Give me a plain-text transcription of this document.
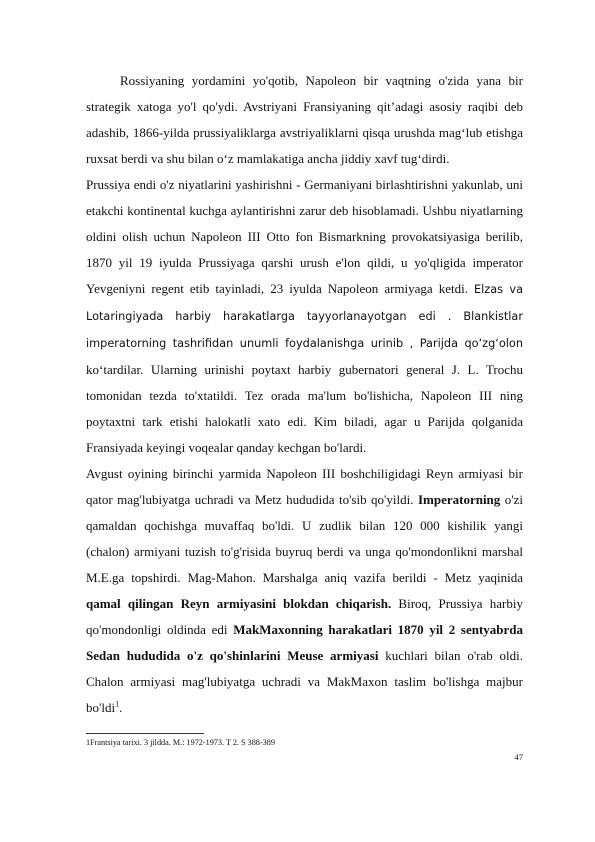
Rossiyaning yordamini yo'qotib, Napoleon bir vaqtning o'zida yana bir strategik xatoga yo'l qo'ydi. Avstriyani Fransiyaning qit’adagi asosiy raqibi deb adashib, 1866-yilda prussiyaliklarga avstriyaliklarni qisqa urushda mag‘lub etishga ruxsat berdi va shu bilan o‘z mamlakatiga ancha jiddiy xavf tug‘dirdi.

Prussiya endi o'z niyatlarini yashirishni - Germaniyani birlashtirishni yakunlab, uni etakchi kontinental kuchga aylantirishni zarur deb hisoblamadi. Ushbu niyatlarning oldini olish uchun Napoleon III Otto fon Bismarkning provokatsiyasiga berilib, 1870 yil 19 iyulda Prussiyaga qarshi urush e'lon qildi, u yo'qligida imperator Yevgeniyni regent etib tayinladi, 23 iyulda Napoleon armiyaga ketdi. Elzas va Lotaringiyada harbiy harakatlarga tayyorlanayotgan edi . Blankistlar imperatorning tashrifidan unumli foydalanishga urinib , Parijda qo‘zg‘olon ko‘tardilar. Ularning urinishi poytaxt harbiy gubernatori general J. L. Trochu tomonidan tezda to'xtatildi. Tez orada ma'lum bo'lishicha, Napoleon III ning poytaxtni tark etishi halokatli xato edi. Kim biladi, agar u Parijda qolganida Fransiyada keyingi voqealar qanday kechgan bo'lardi.

Avgust oyining birinchi yarmida Napoleon III boshchiligidagi Reyn armiyasi bir qator mag'lubiyatga uchradi va Metz hududida to'sib qo'yildi. Imperatorning o'zi qamaldan qochishga muvaffaq bo'ldi. U zudlik bilan 120 000 kishilik yangi (chalon) armiyani tuzish to'g'risida buyruq berdi va unga qo'mondonlikni marshal M.E.ga topshirdi. Mag-Mahon. Marshalga aniq vazifa berildi - Metz yaqinida qamal qilingan Reyn armiyasini blokdan chiqarish. Biroq, Prussiya harbiy qo'mondonligi oldinda edi MakMaxonning harakatlari 1870 yil 2 sentyabrda Sedan hududida o'z qo'shinlarini Meuse armiyasi kuchlari bilan o'rab oldi. Chalon armiyasi mag'lubiyatga uchradi va MakMaxon taslim bo'lishga majbur bo'ldi$^1$.

1Frantsiya tarixi. 3 jildda. M.: 1972-1973. T 2. S 388-389
47
